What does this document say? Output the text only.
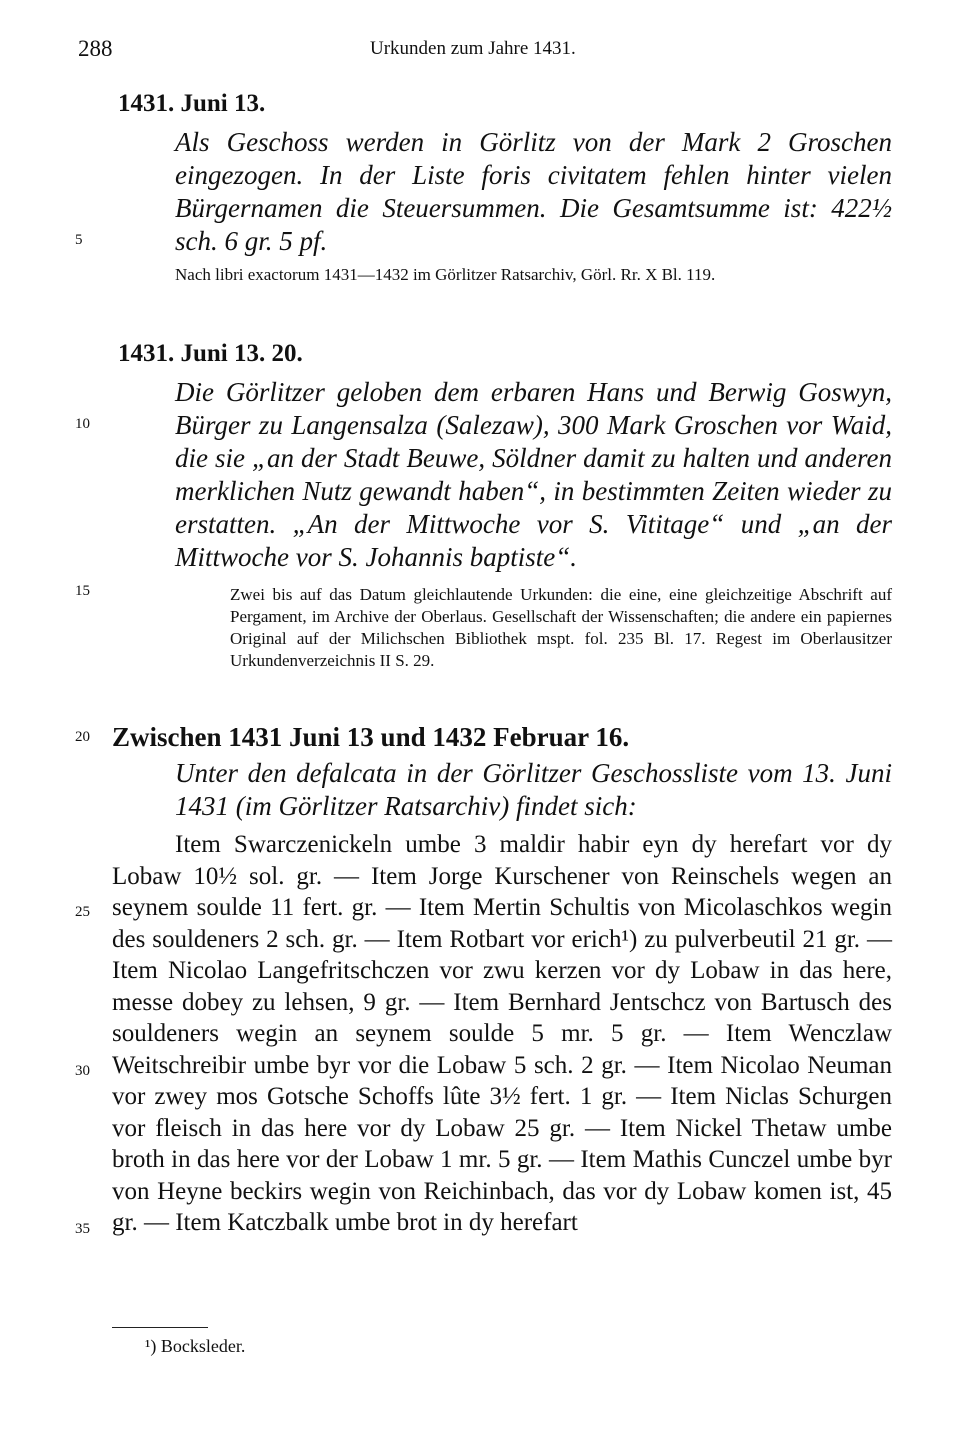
288	Urkunden zum Jahre 1431.
5
10
15
20
25
30
35
1431. Juni 13.
Als Geschoss werden in Görlitz von der Mark 2 Groschen eingezogen. In der Liste foris civitatem fehlen hinter vielen Bürgernamen die Steuersummen. Die Gesamtsumme ist: 422½ sch. 6 gr. 5 pf.
Nach libri exactorum 1431—1432 im Görlitzer Ratsarchiv, Görl. Rr. X Bl. 119.
1431. Juni 13. 20.
Die Görlitzer geloben dem erbaren Hans und Berwig Goswyn, Bürger zu Langensalza (Salezaw), 300 Mark Groschen vor Waid, die sie „an der Stadt Beuwe, Söldner damit zu halten und anderen merklichen Nutz gewandt haben“, in bestimmten Zeiten wieder zu erstatten. „An der Mittwoche vor S. Vititage“ und „an der Mittwoche vor S. Johannis baptiste“.
Zwei bis auf das Datum gleichlautende Urkunden: die eine, eine gleichzeitige Abschrift auf Pergament, im Archive der Oberlaus. Gesellschaft der Wissenschaften; die andere ein papiernes Original auf der Milichschen Bibliothek mspt. fol. 235 Bl. 17. Regest im Oberlausitzer Urkundenverzeichnis II S. 29.
Zwischen 1431 Juni 13 und 1432 Februar 16.
Unter den defalcata in der Görlitzer Geschossliste vom 13. Juni 1431 (im Görlitzer Ratsarchiv) findet sich:
Item Swarczenickeln umbe 3 maldir habir eyn dy herefart vor dy Lobaw 10½ sol. gr. — Item Jorge Kurschener von Reinschels wegen an seynem soulde 11 fert. gr. — Item Mertin Schultis von Micolaschkos wegin des souldeners 2 sch. gr. — Item Rotbart vor erich¹) zu pulverbeutil 21 gr. — Item Nicolao Langefritschczen vor zwu kerzen vor dy Lobaw in das here, messe dobey zu lehsen, 9 gr. — Item Bernhard Jentschcz von Bartusch des souldeners wegin an seynem soulde 5 mr. 5 gr. — Item Wenczlaw Weitschreibir umbe byr vor die Lobaw 5 sch. 2 gr. — Item Nicolao Neuman vor zwey mos Gotsche Schoffs lûte 3½ fert. 1 gr. — Item Niclas Schurgen vor fleisch in das here vor dy Lobaw 25 gr. — Item Nickel Thetaw umbe broth in das here vor der Lobaw 1 mr. 5 gr. — Item Mathis Cunczel umbe byr von Heyne beckirs wegin von Reichinbach, das vor dy Lobaw komen ist, 45 gr. — Item Katczbalk umbe brot in dy herefart
¹) Bocksleder.
